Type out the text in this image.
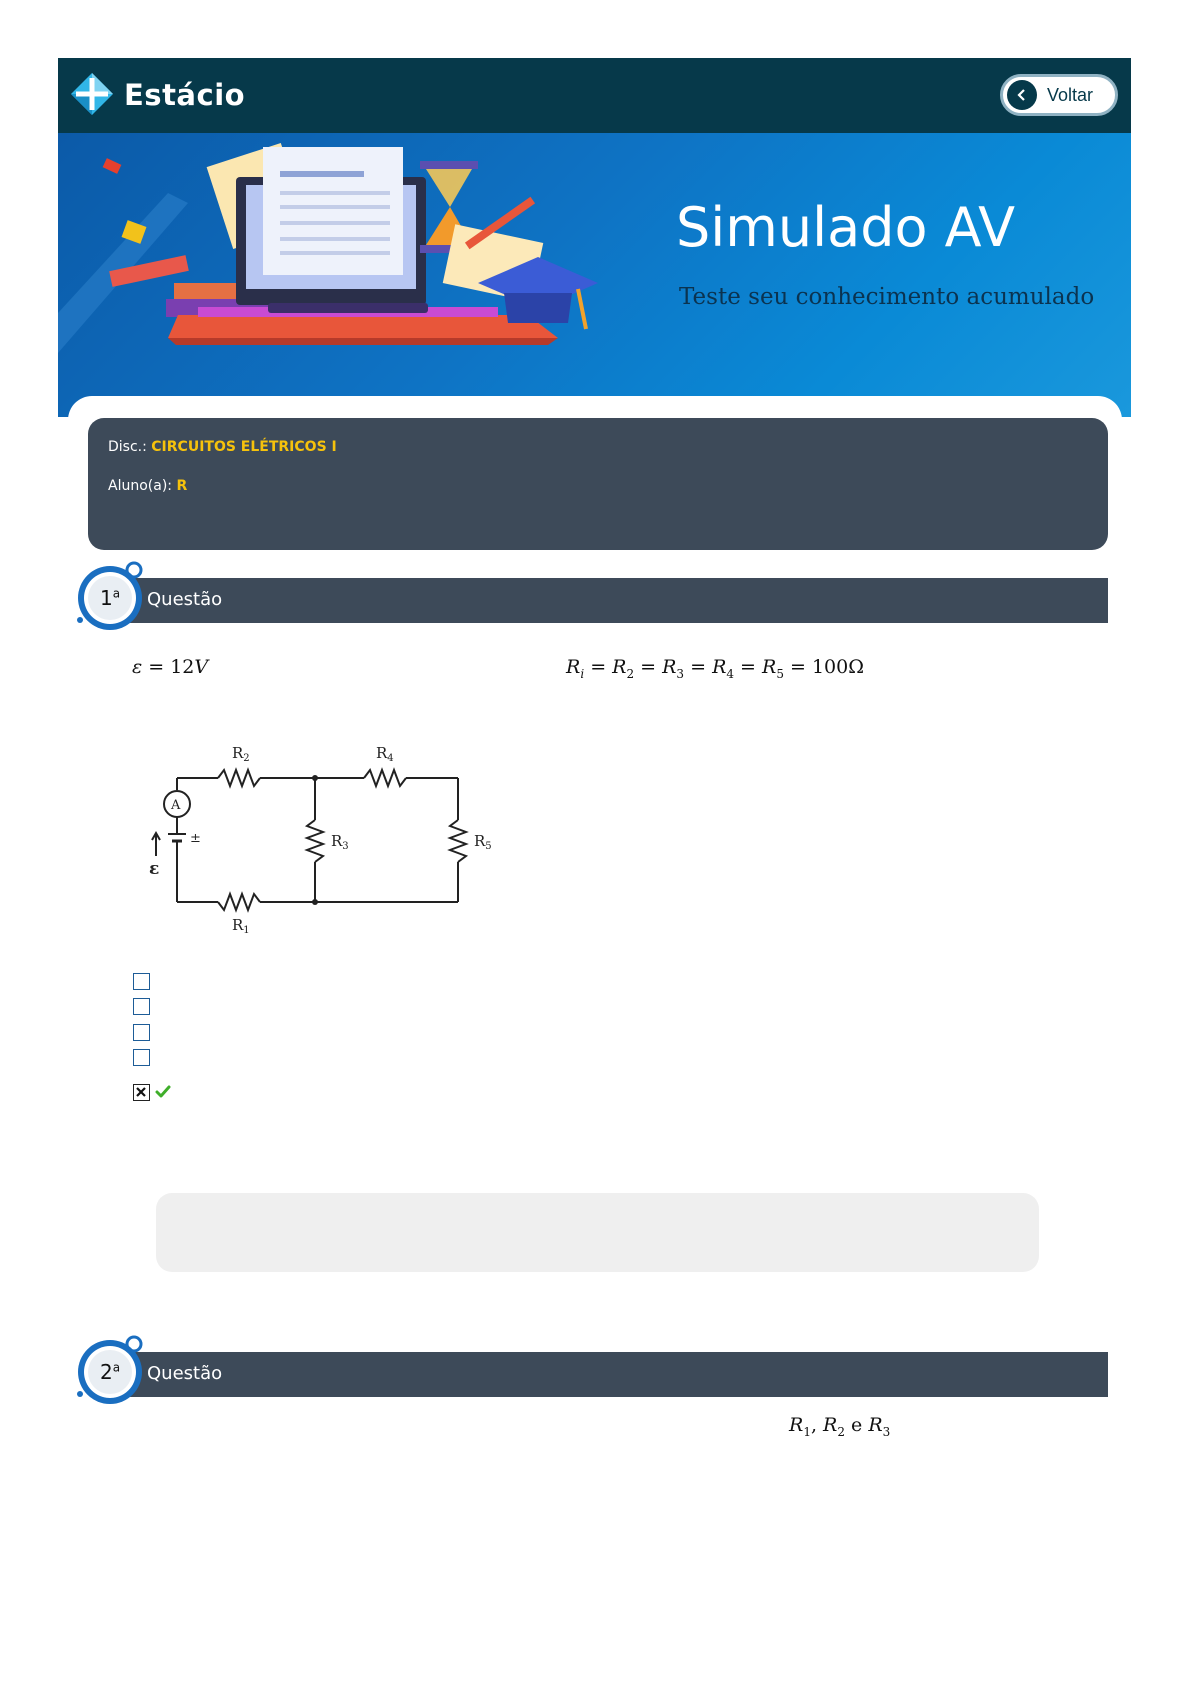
Estácio	Voltar
Simulado AV
Teste seu conhecimento acumulado
Disc.: CIRCUITOS ELÉTRICOS I
Aluno(a): R
Questão
1$^a$
ε = 12V	$R_i = R_2 = R_3 = R_4 = R_5 = 100\Omega$
$R_2$	$R_4$
$R_3$	$R_5$
$R_1$
A
ε
±
Questão
2$^a$
$R_1$, $R_2$ e $R_3$
